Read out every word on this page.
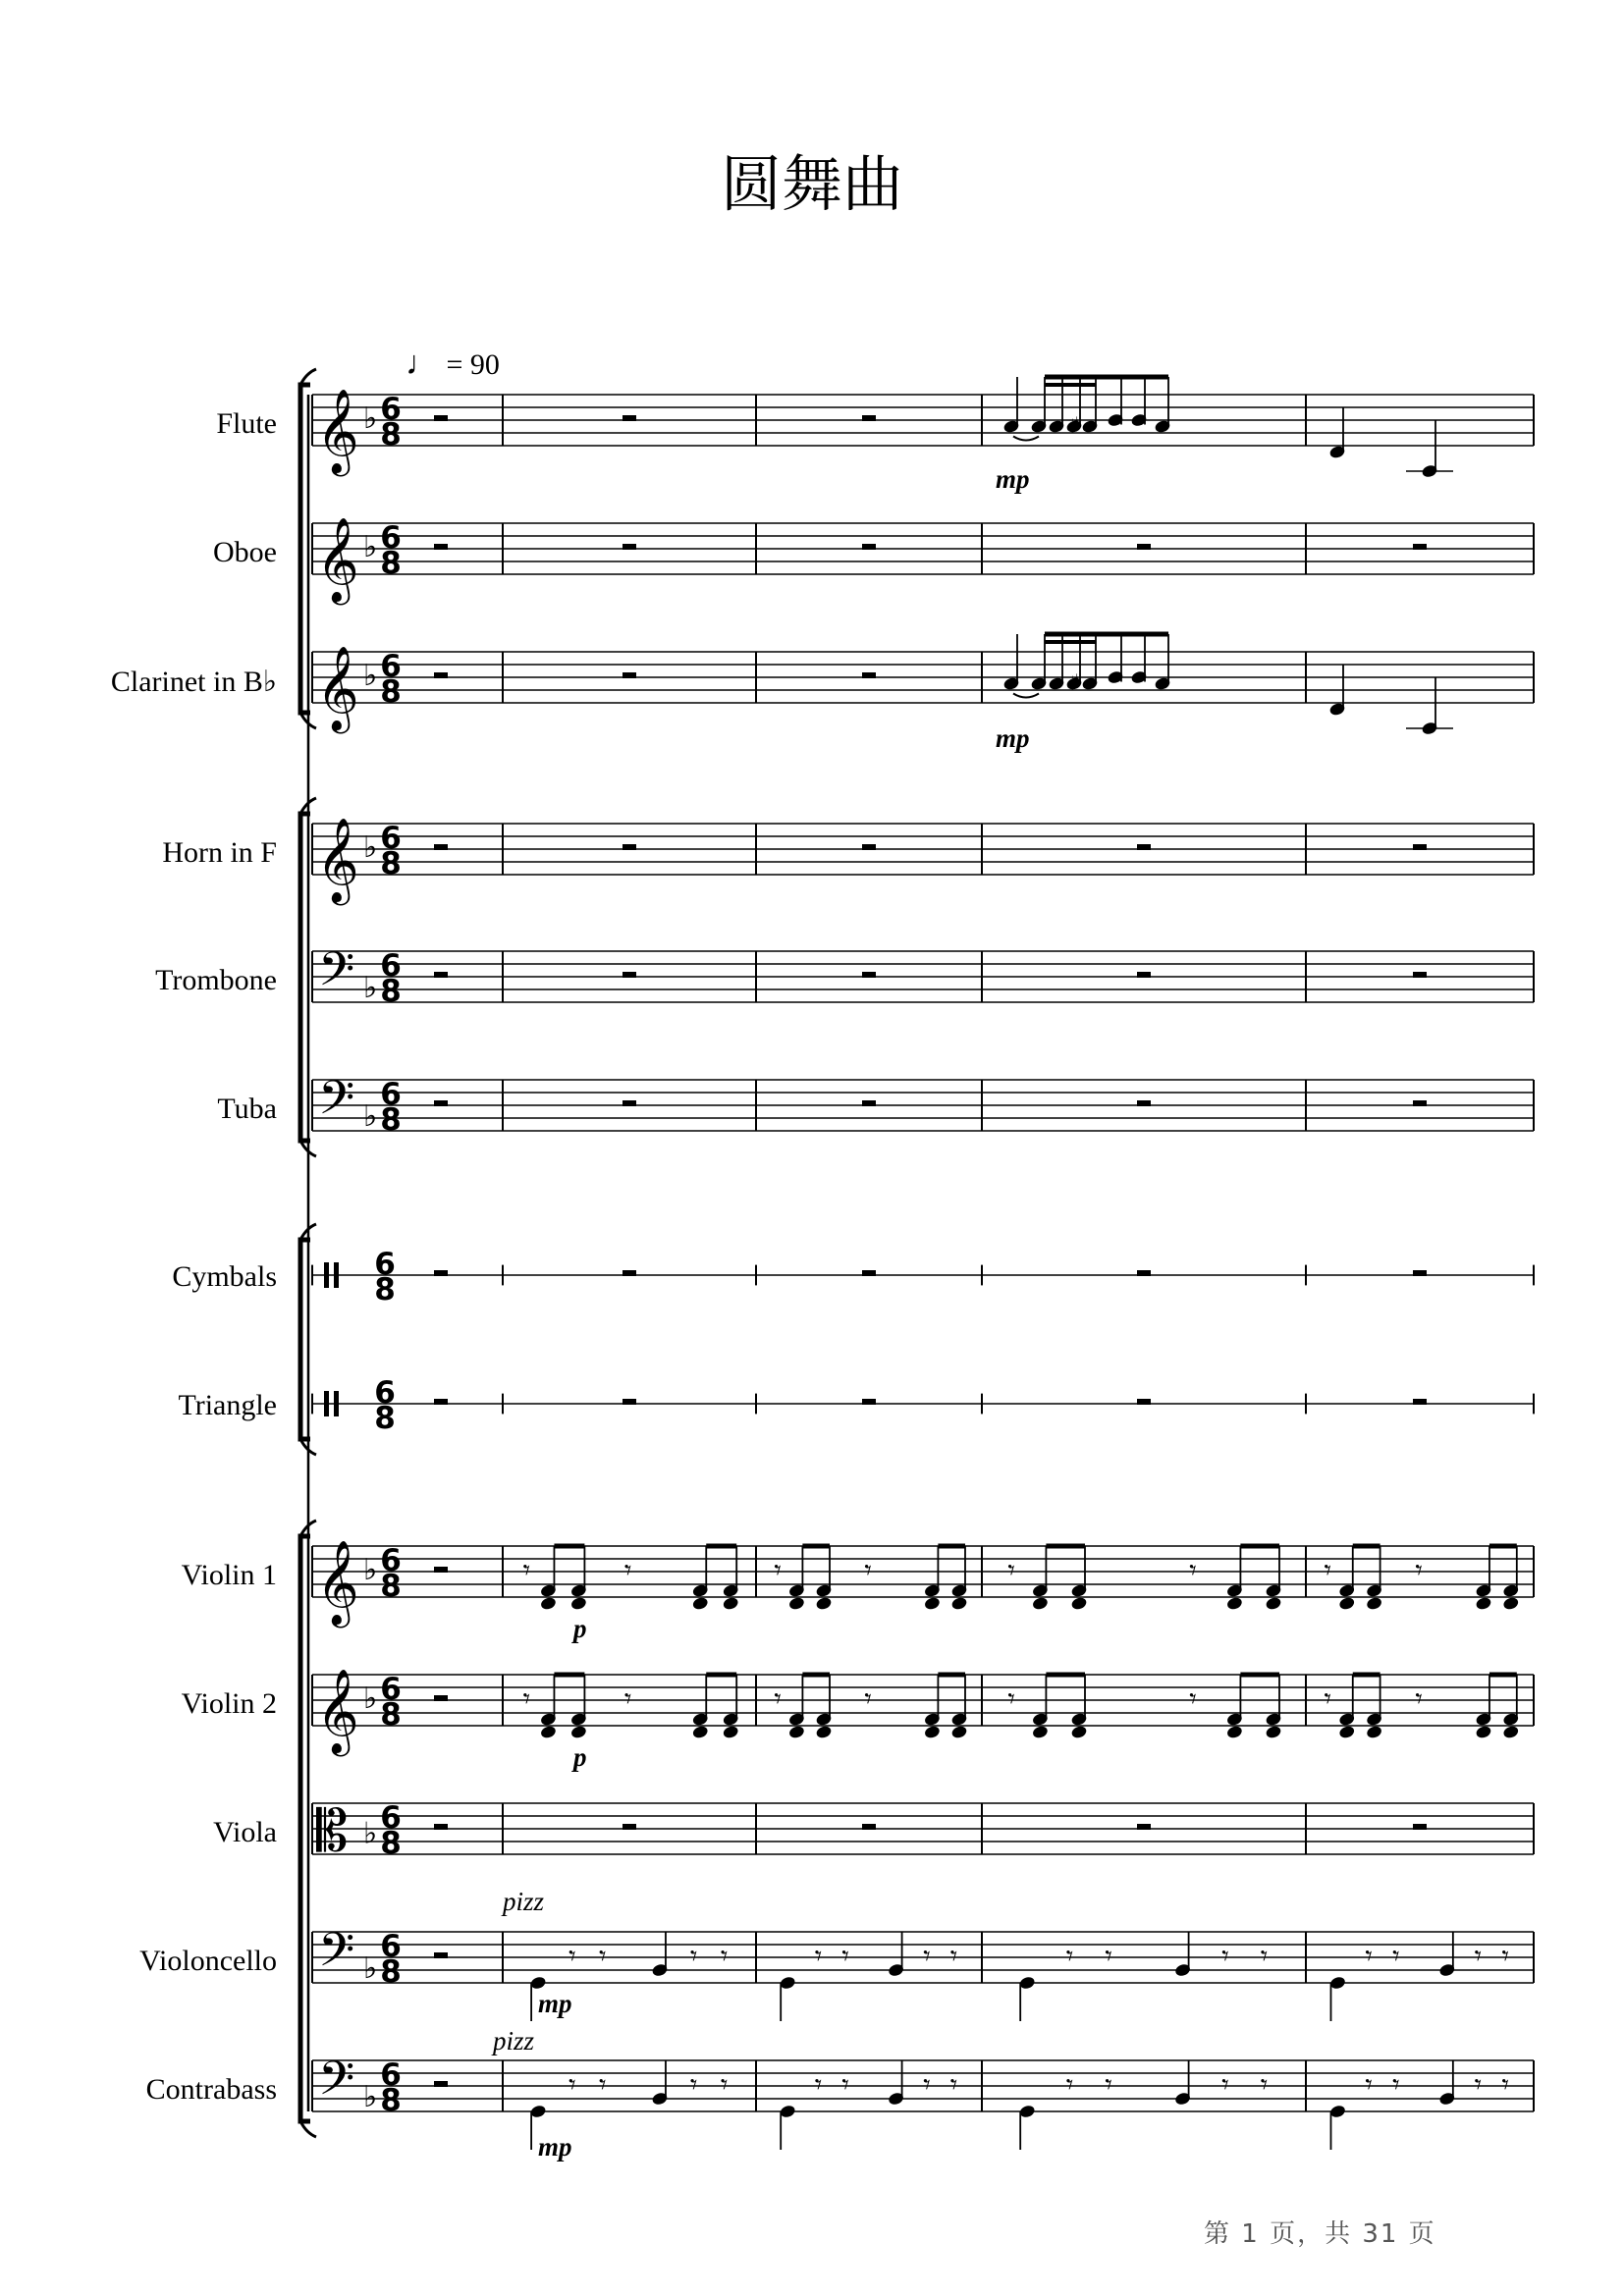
圆舞曲
♩ = 90
Flute
Oboe
Clarinet in B♭
Horn in F
Trombone
Tuba
Cymbals
Triangle
Violin 1
Violin 2
Viola
Violoncello
Contrabass
𝄞 ♭ 6
8
𝄞 ♭ 6
8
𝄞 ♭ 6
8
𝄞 ♭ 6
8
𝄢 ♭
6
8
𝄢 ♭
6
8
6
8
6
8
𝄞 ♭ 6
8
𝄞 ♭ 6
8
𝄡 ♭ 6
8
𝄢 ♭
6
8
𝄢 ♭
6
8
♯
♯
mp
mp
𝄾	𝄾	𝄾	𝄾	𝄾	𝄾	𝄾	𝄾
𝄾	𝄾	𝄾	𝄾	𝄾	𝄾	𝄾	𝄾
p
p
𝄾 𝄾	𝄾 𝄾	𝄾 𝄾	𝄾 𝄾	𝄾 𝄾	𝄾 𝄾	𝄾 𝄾	𝄾 𝄾
𝄾 𝄾	𝄾 𝄾	𝄾 𝄾	𝄾 𝄾	𝄾 𝄾	𝄾 𝄾	𝄾 𝄾	𝄾 𝄾
pizz
mp
pizz
mp
第 1 页，共 31 页
